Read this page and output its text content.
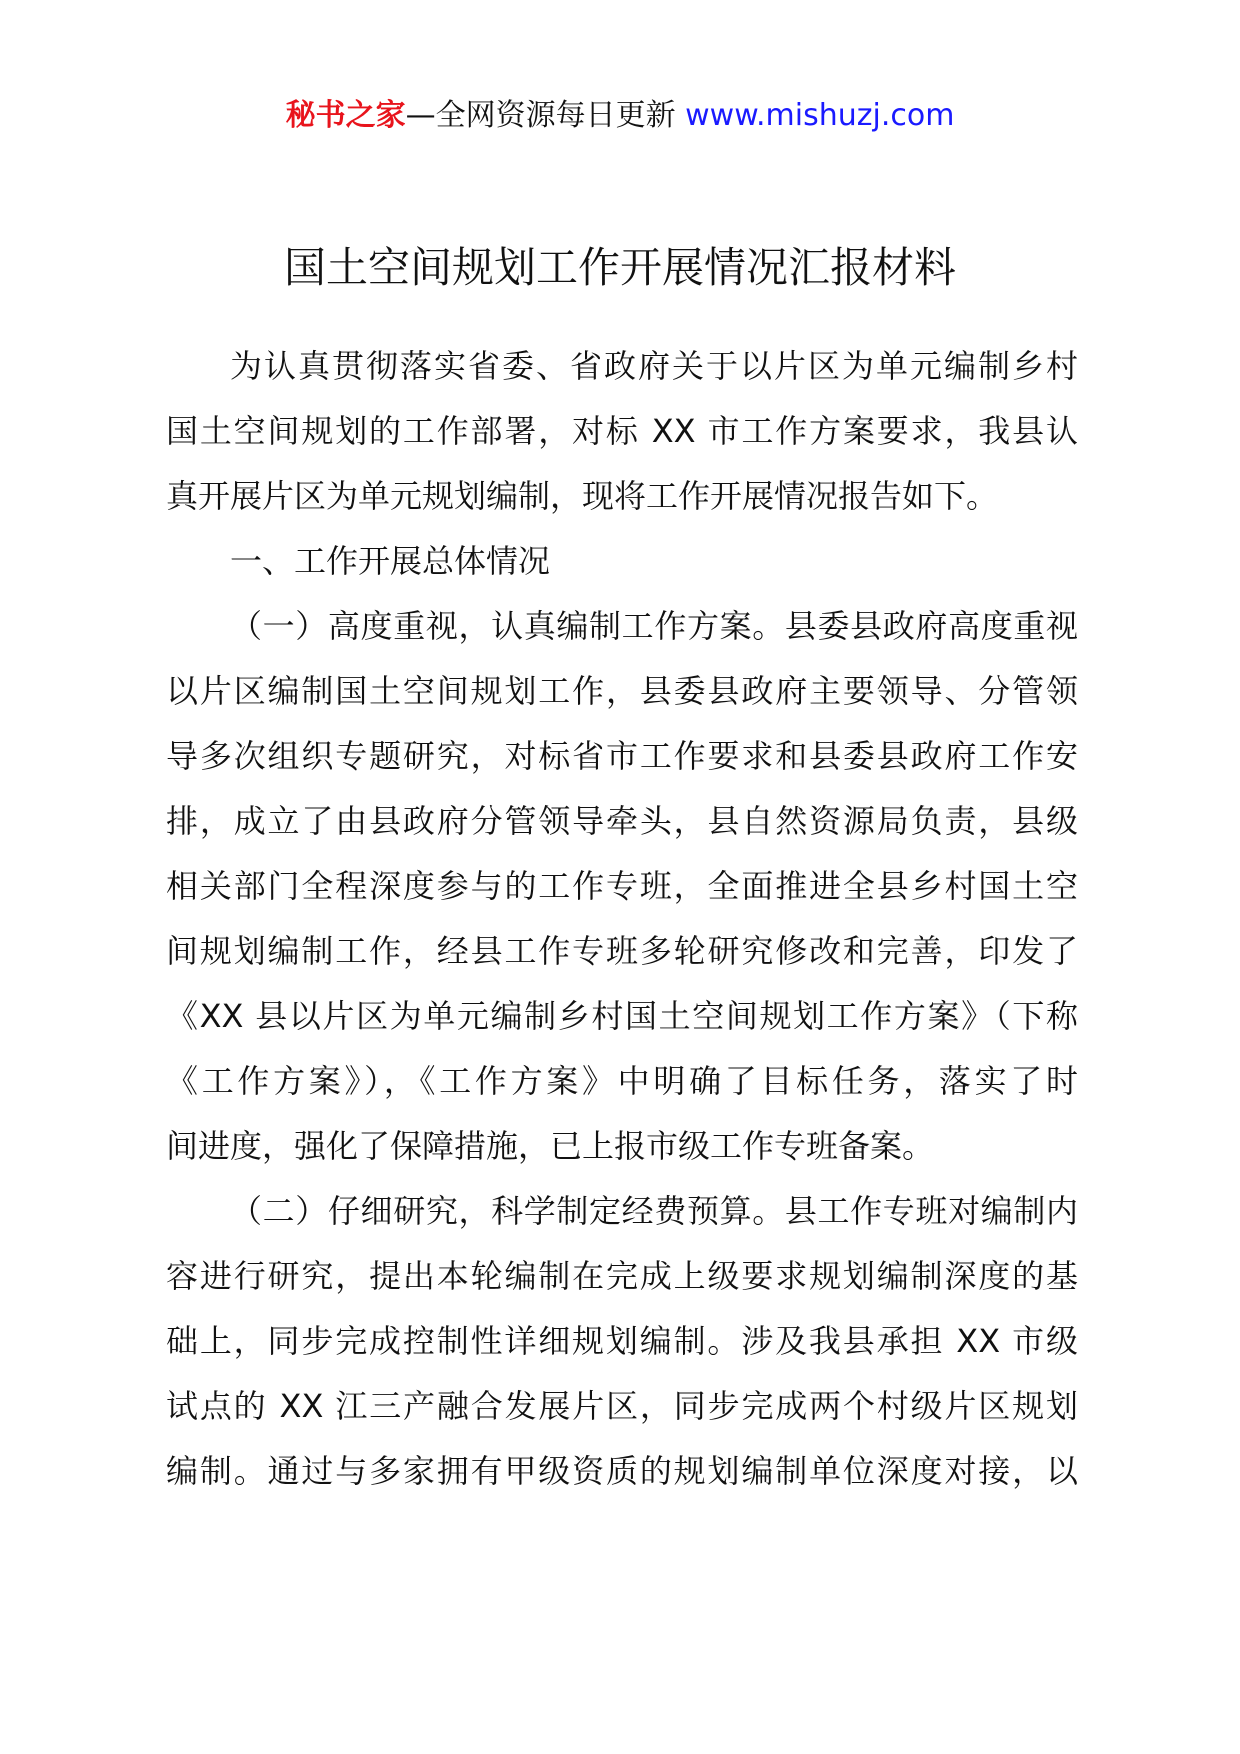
秘书之家—全网资源每日更新 www.mishuzj.com
国土空间规划工作开展情况汇报材料
为认真贯彻落实省委、省政府关于以片区为单元编制乡村
国土空间规划的工作部署，对标 XX 市工作方案要求，我县认
真开展片区为单元规划编制，现将工作开展情况报告如下。
一、工作开展总体情况
（一）高度重视，认真编制工作方案。县委县政府高度重视
以片区编制国土空间规划工作，县委县政府主要领导、分管领
导多次组织专题研究，对标省市工作要求和县委县政府工作安
排，成立了由县政府分管领导牵头，县自然资源局负责，县级
相关部门全程深度参与的工作专班，全面推进全县乡村国土空
间规划编制工作，经县工作专班多轮研究修改和完善，印发了
《XX 县以片区为单元编制乡村国土空间规划工作方案》（下称
《工作方案》），《工作方案》中明确了目标任务，落实了时
间进度，强化了保障措施，已上报市级工作专班备案。
（二）仔细研究，科学制定经费预算。县工作专班对编制内
容进行研究，提出本轮编制在完成上级要求规划编制深度的基
础上，同步完成控制性详细规划编制。涉及我县承担 XX 市级
试点的 XX 江三产融合发展片区，同步完成两个村级片区规划
编制。通过与多家拥有甲级资质的规划编制单位深度对接，以
